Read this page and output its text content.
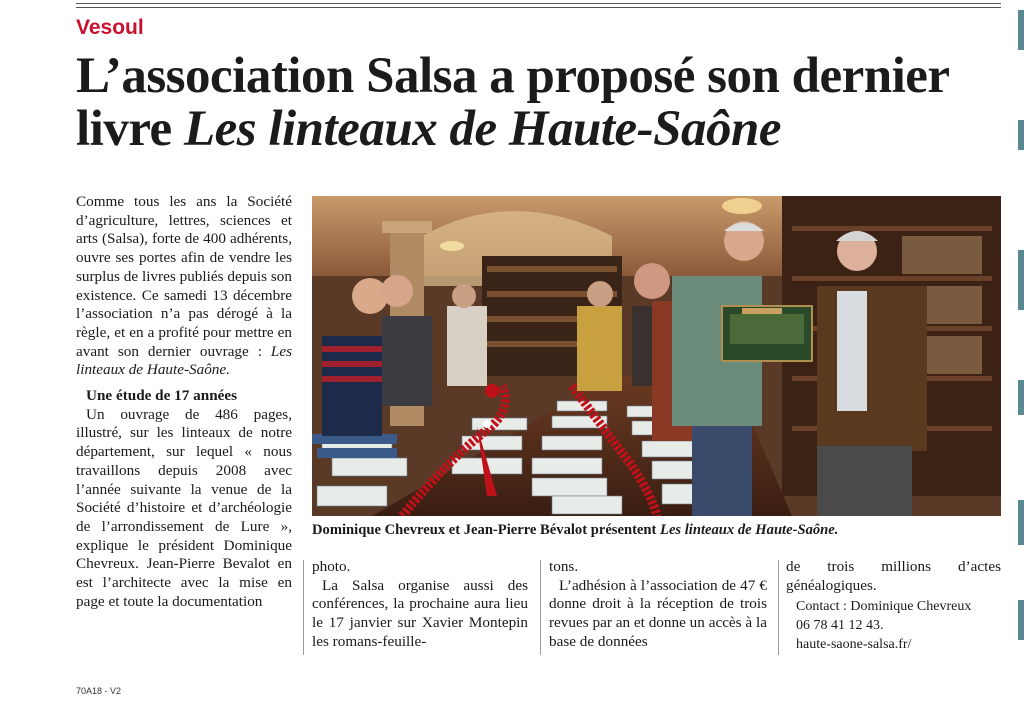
Vesoul

L’association Salsa a proposé son dernier livre Les linteaux de Haute-Saône

Comme tous les ans la Société d’agriculture, lettres, sciences et arts (Salsa), forte de 400 adhérents, ouvre ses portes afin de vendre les surplus de livres publiés depuis son existence. Ce samedi 13 décembre l’association n’a pas dérogé à la règle, et en a profité pour mettre en avant son dernier ouvrage : Les linteaux de Haute-Saône.

Une étude de 17 années

Un ouvrage de 486 pages, illustré, sur les linteaux de notre département, sur lequel « nous travaillons depuis 2008 avec l’année suivante la venue de la Société d’histoire et d’archéologie de l’arrondissement de Lure », explique le président Dominique Chevreux. Jean-Pierre Bevalot en est l’architecte avec la mise en page et toute la documentation

Dominique Chevreux et Jean-Pierre Bévalot présentent Les linteaux de Haute-Saône.

photo.

La Salsa organise aussi des conférences, la prochaine aura lieu le 17 janvier sur Xavier Montepin les romans-feuille-

tons.

L’adhésion à l’association de 47 € donne droit à la réception de trois revues par an et donne un accès à la base de données

de trois millions d’actes généalogiques.

Contact : Dominique Chevreux
06 78 41 12 43.
haute-saone-salsa.fr/
70A18 - V2
